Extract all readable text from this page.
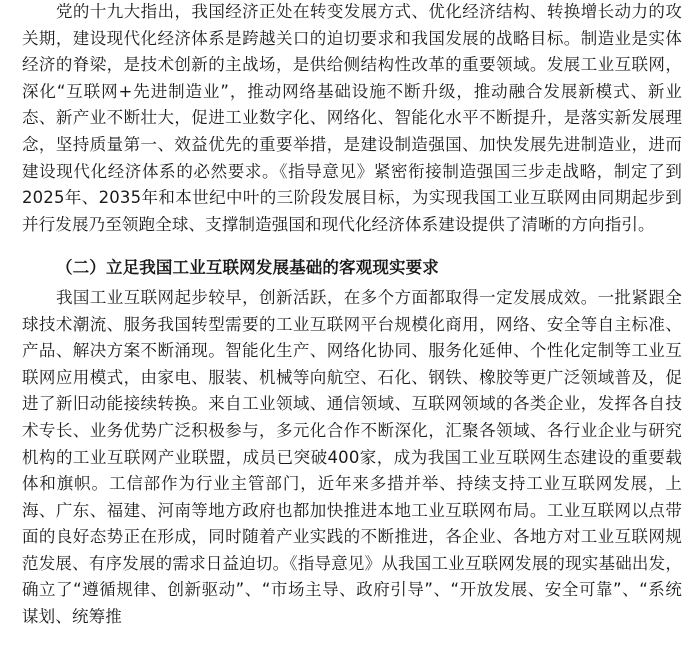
党的十九大指出，我国经济正处在转变发展方式、优化经济结构、转换增长动力的攻关期，建设现代化经济体系是跨越关口的迫切要求和我国发展的战略目标。制造业是实体经济的脊梁，是技术创新的主战场，是供给侧结构性改革的重要领域。发展工业互联网，深化“互联网+先进制造业”，推动网络基础设施不断升级，推动融合发展新模式、新业态、新产业不断壮大，促进工业数字化、网络化、智能化水平不断提升，是落实新发展理念，坚持质量第一、效益优先的重要举措，是建设制造强国、加快发展先进制造业，进而建设现代化经济体系的必然要求。《指导意见》紧密衔接制造强国三步走战略，制定了到2025年、2035年和本世纪中叶的三阶段发展目标，为实现我国工业互联网由同期起步到并行发展乃至领跑全球、支撑制造强国和现代化经济体系建设提供了清晰的方向指引。

（二）立足我国工业互联网发展基础的客观现实要求

我国工业互联网起步较早，创新活跃，在多个方面都取得一定发展成效。一批紧跟全球技术潮流、服务我国转型需要的工业互联网平台规模化商用，网络、安全等自主标准、产品、解决方案不断涌现。智能化生产、网络化协同、服务化延伸、个性化定制等工业互联网应用模式，由家电、服装、机械等向航空、石化、钢铁、橡胶等更广泛领域普及，促进了新旧动能接续转换。来自工业领域、通信领域、互联网领域的各类企业，发挥各自技术专长、业务优势广泛积极参与，多元化合作不断深化，汇聚各领域、各行业企业与研究机构的工业互联网产业联盟，成员已突破400家，成为我国工业互联网生态建设的重要载体和旗帜。工信部作为行业主管部门，近年来多措并举、持续支持工业互联网发展，上海、广东、福建、河南等地方政府也都加快推进本地工业互联网布局。工业互联网以点带面的良好态势正在形成，同时随着产业实践的不断推进，各企业、各地方对工业互联网规范发展、有序发展的需求日益迫切。《指导意见》从我国工业互联网发展的现实基础出发，确立了“遵循规律、创新驱动”、“市场主导、政府引导”、“开放发展、安全可靠”、“系统谋划、统筹推
